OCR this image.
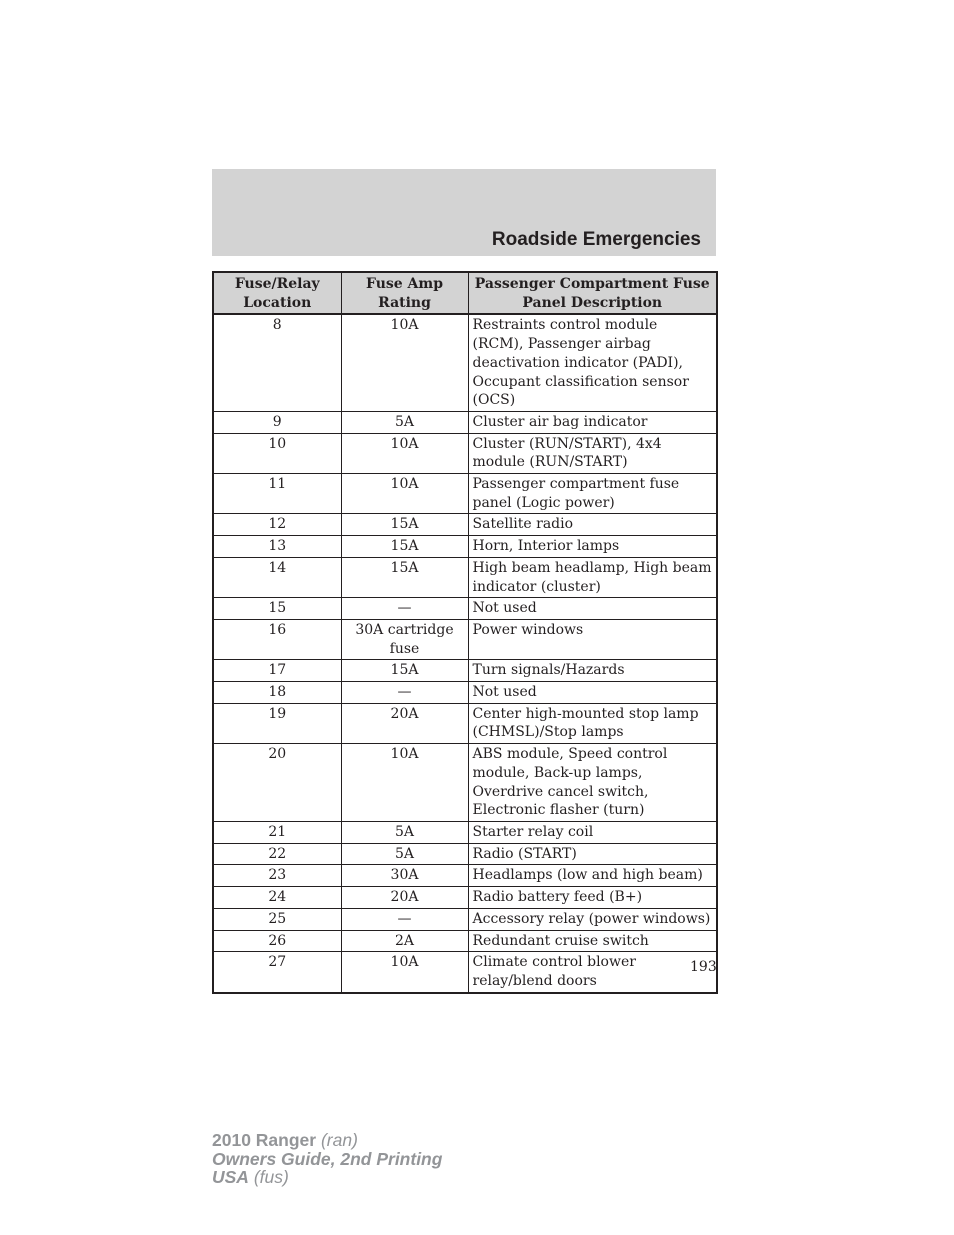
Roadside Emergencies
Fuse/Relay Location	Fuse Amp Rating	Passenger Compartment Fuse Panel Description
8	10A	Restraints control module (RCM), Passenger airbag deactivation indicator (PADI), Occupant classification sensor (OCS)
9	5A	Cluster air bag indicator
10	10A	Cluster (RUN/START), 4x4 module (RUN/START)
11	10A	Passenger compartment fuse panel (Logic power)
12	15A	Satellite radio
13	15A	Horn, Interior lamps
14	15A	High beam headlamp, High beam indicator (cluster)
15	—	Not used
16	30A cartridge fuse	Power windows
17	15A	Turn signals/Hazards
18	—	Not used
19	20A	Center high-mounted stop lamp (CHMSL)/Stop lamps
20	10A	ABS module, Speed control module, Back-up lamps, Overdrive cancel switch, Electronic flasher (turn)
21	5A	Starter relay coil
22	5A	Radio (START)
23	30A	Headlamps (low and high beam)
24	20A	Radio battery feed (B+)
25	—	Accessory relay (power windows)
26	2A	Redundant cruise switch
27	10A	Climate control blower relay/blend doors
193
2010 Ranger (ran)
Owners Guide, 2nd Printing
USA (fus)
